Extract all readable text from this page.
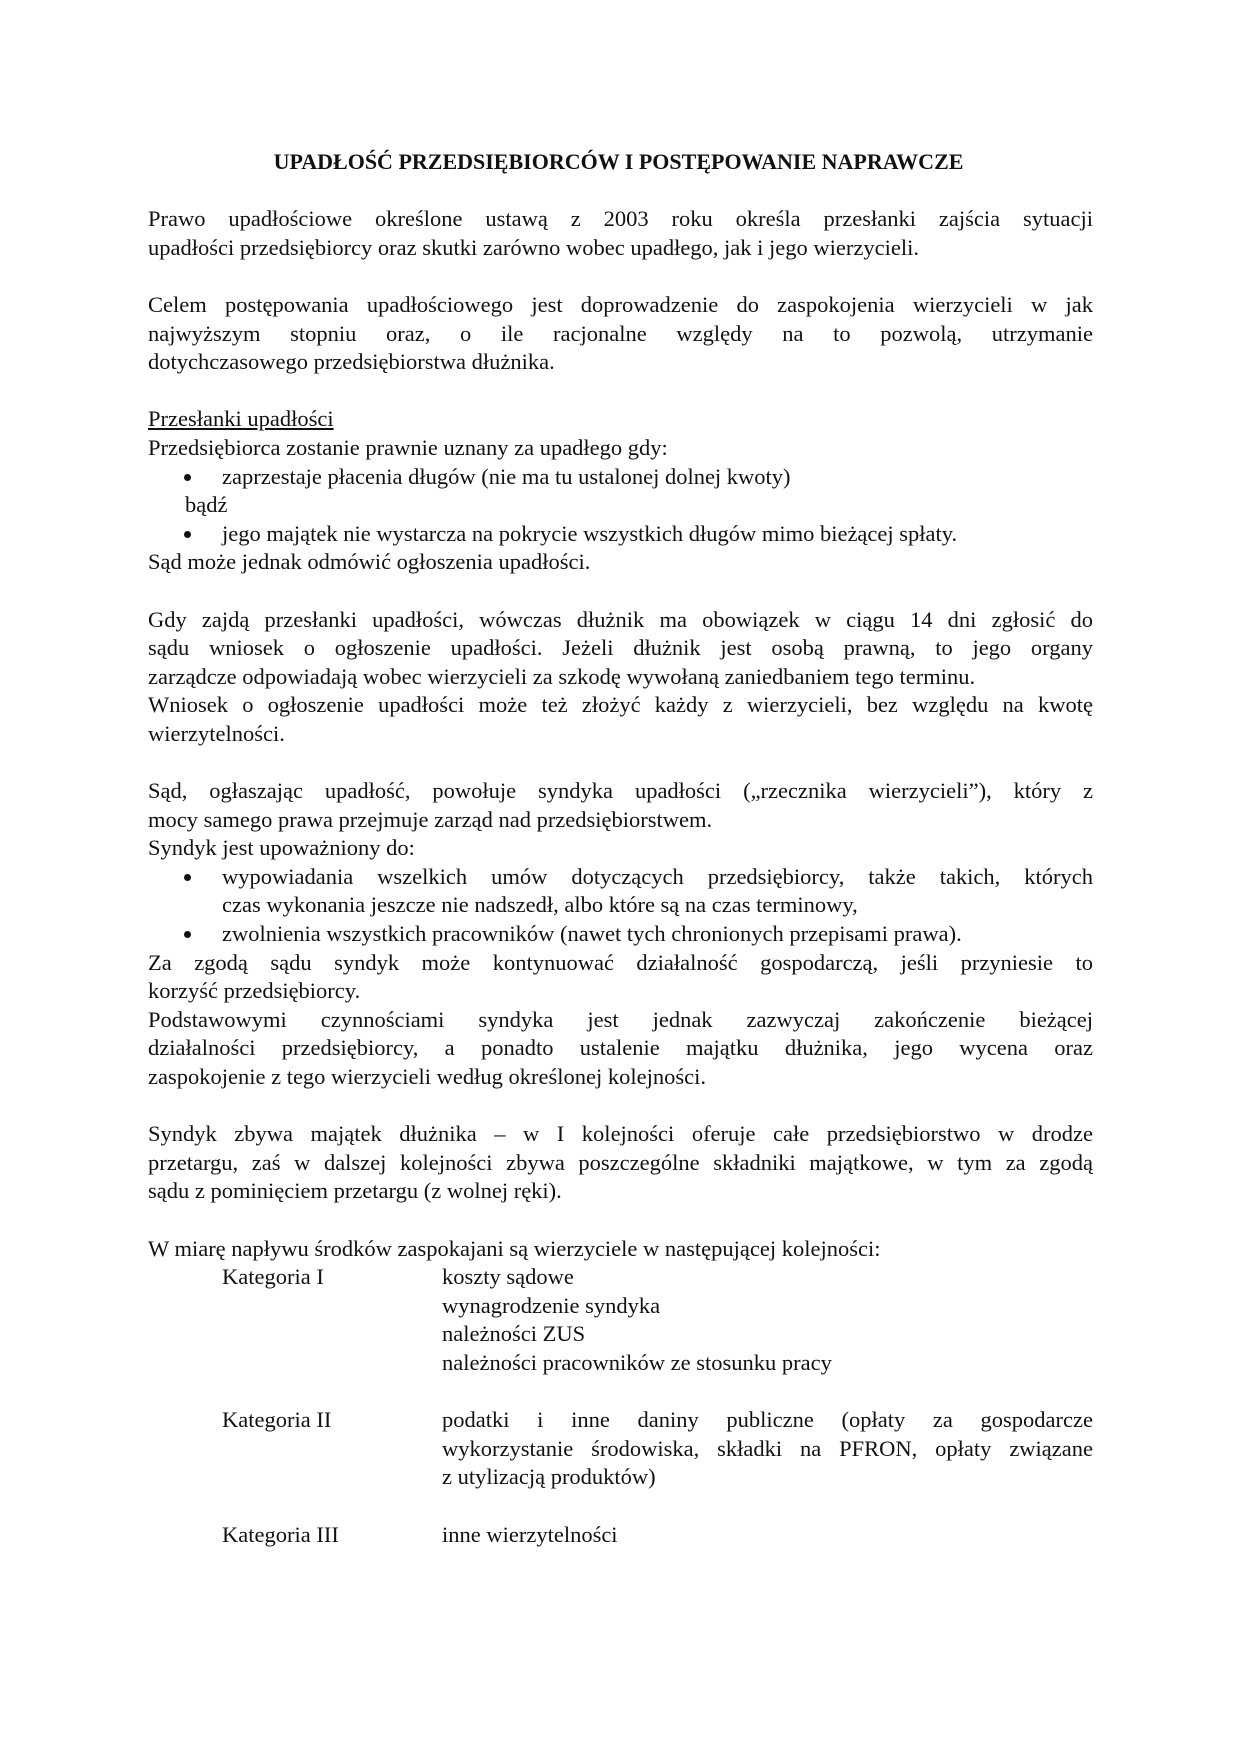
UPADŁOŚĆ PRZEDSIĘBIORCÓW I POSTĘPOWANIE NAPRAWCZE
Prawo upadłościowe określone ustawą z 2003 roku określa przesłanki zajścia sytuacji
upadłości przedsiębiorcy oraz skutki zarówno wobec upadłego, jak i jego wierzycieli.
Celem postępowania upadłościowego jest doprowadzenie do zaspokojenia wierzycieli w jak
najwyższym stopniu oraz, o ile racjonalne względy na to pozwolą, utrzymanie
dotychczasowego przedsiębiorstwa dłużnika.
Przesłanki upadłości
Przedsiębiorca zostanie prawnie uznany za upadłego gdy:
zaprzestaje płacenia długów (nie ma tu ustalonej dolnej kwoty)
bądź
jego majątek nie wystarcza na pokrycie wszystkich długów mimo bieżącej spłaty.
Sąd może jednak odmówić ogłoszenia upadłości.
Gdy zajdą przesłanki upadłości, wówczas dłużnik ma obowiązek w ciągu 14 dni zgłosić do
sądu wniosek o ogłoszenie upadłości. Jeżeli dłużnik jest osobą prawną, to jego organy
zarządcze odpowiadają wobec wierzycieli za szkodę wywołaną zaniedbaniem tego terminu.
Wniosek o ogłoszenie upadłości może też złożyć każdy z wierzycieli, bez względu na kwotę
wierzytelności.
Sąd, ogłaszając upadłość, powołuje syndyka upadłości („rzecznika wierzycieli”), który z
mocy samego prawa przejmuje zarząd nad przedsiębiorstwem.
Syndyk jest upoważniony do:
wypowiadania wszelkich umów dotyczących przedsiębiorcy, także takich, których
czas wykonania jeszcze nie nadszedł, albo które są na czas terminowy,
zwolnienia wszystkich pracowników (nawet tych chronionych przepisami prawa).
Za zgodą sądu syndyk może kontynuować działalność gospodarczą, jeśli przyniesie to
korzyść przedsiębiorcy.
Podstawowymi czynnościami syndyka jest jednak zazwyczaj zakończenie bieżącej
działalności przedsiębiorcy, a ponadto ustalenie majątku dłużnika, jego wycena oraz
zaspokojenie z tego wierzycieli według określonej kolejności.
Syndyk zbywa majątek dłużnika – w I kolejności oferuje całe przedsiębiorstwo w drodze
przetargu, zaś w dalszej kolejności zbywa poszczególne składniki majątkowe, w tym za zgodą
sądu z pominięciem przetargu (z wolnej ręki).
W miarę napływu środków zaspokajani są wierzyciele w następującej kolejności:
Kategoria I	koszty sądowe
wynagrodzenie syndyka
należności ZUS
należności pracowników ze stosunku pracy
Kategoria II	podatki i inne daniny publiczne (opłaty za gospodarcze
wykorzystanie środowiska, składki na PFRON, opłaty związane
z utylizacją produktów)
Kategoria III	inne wierzytelności
